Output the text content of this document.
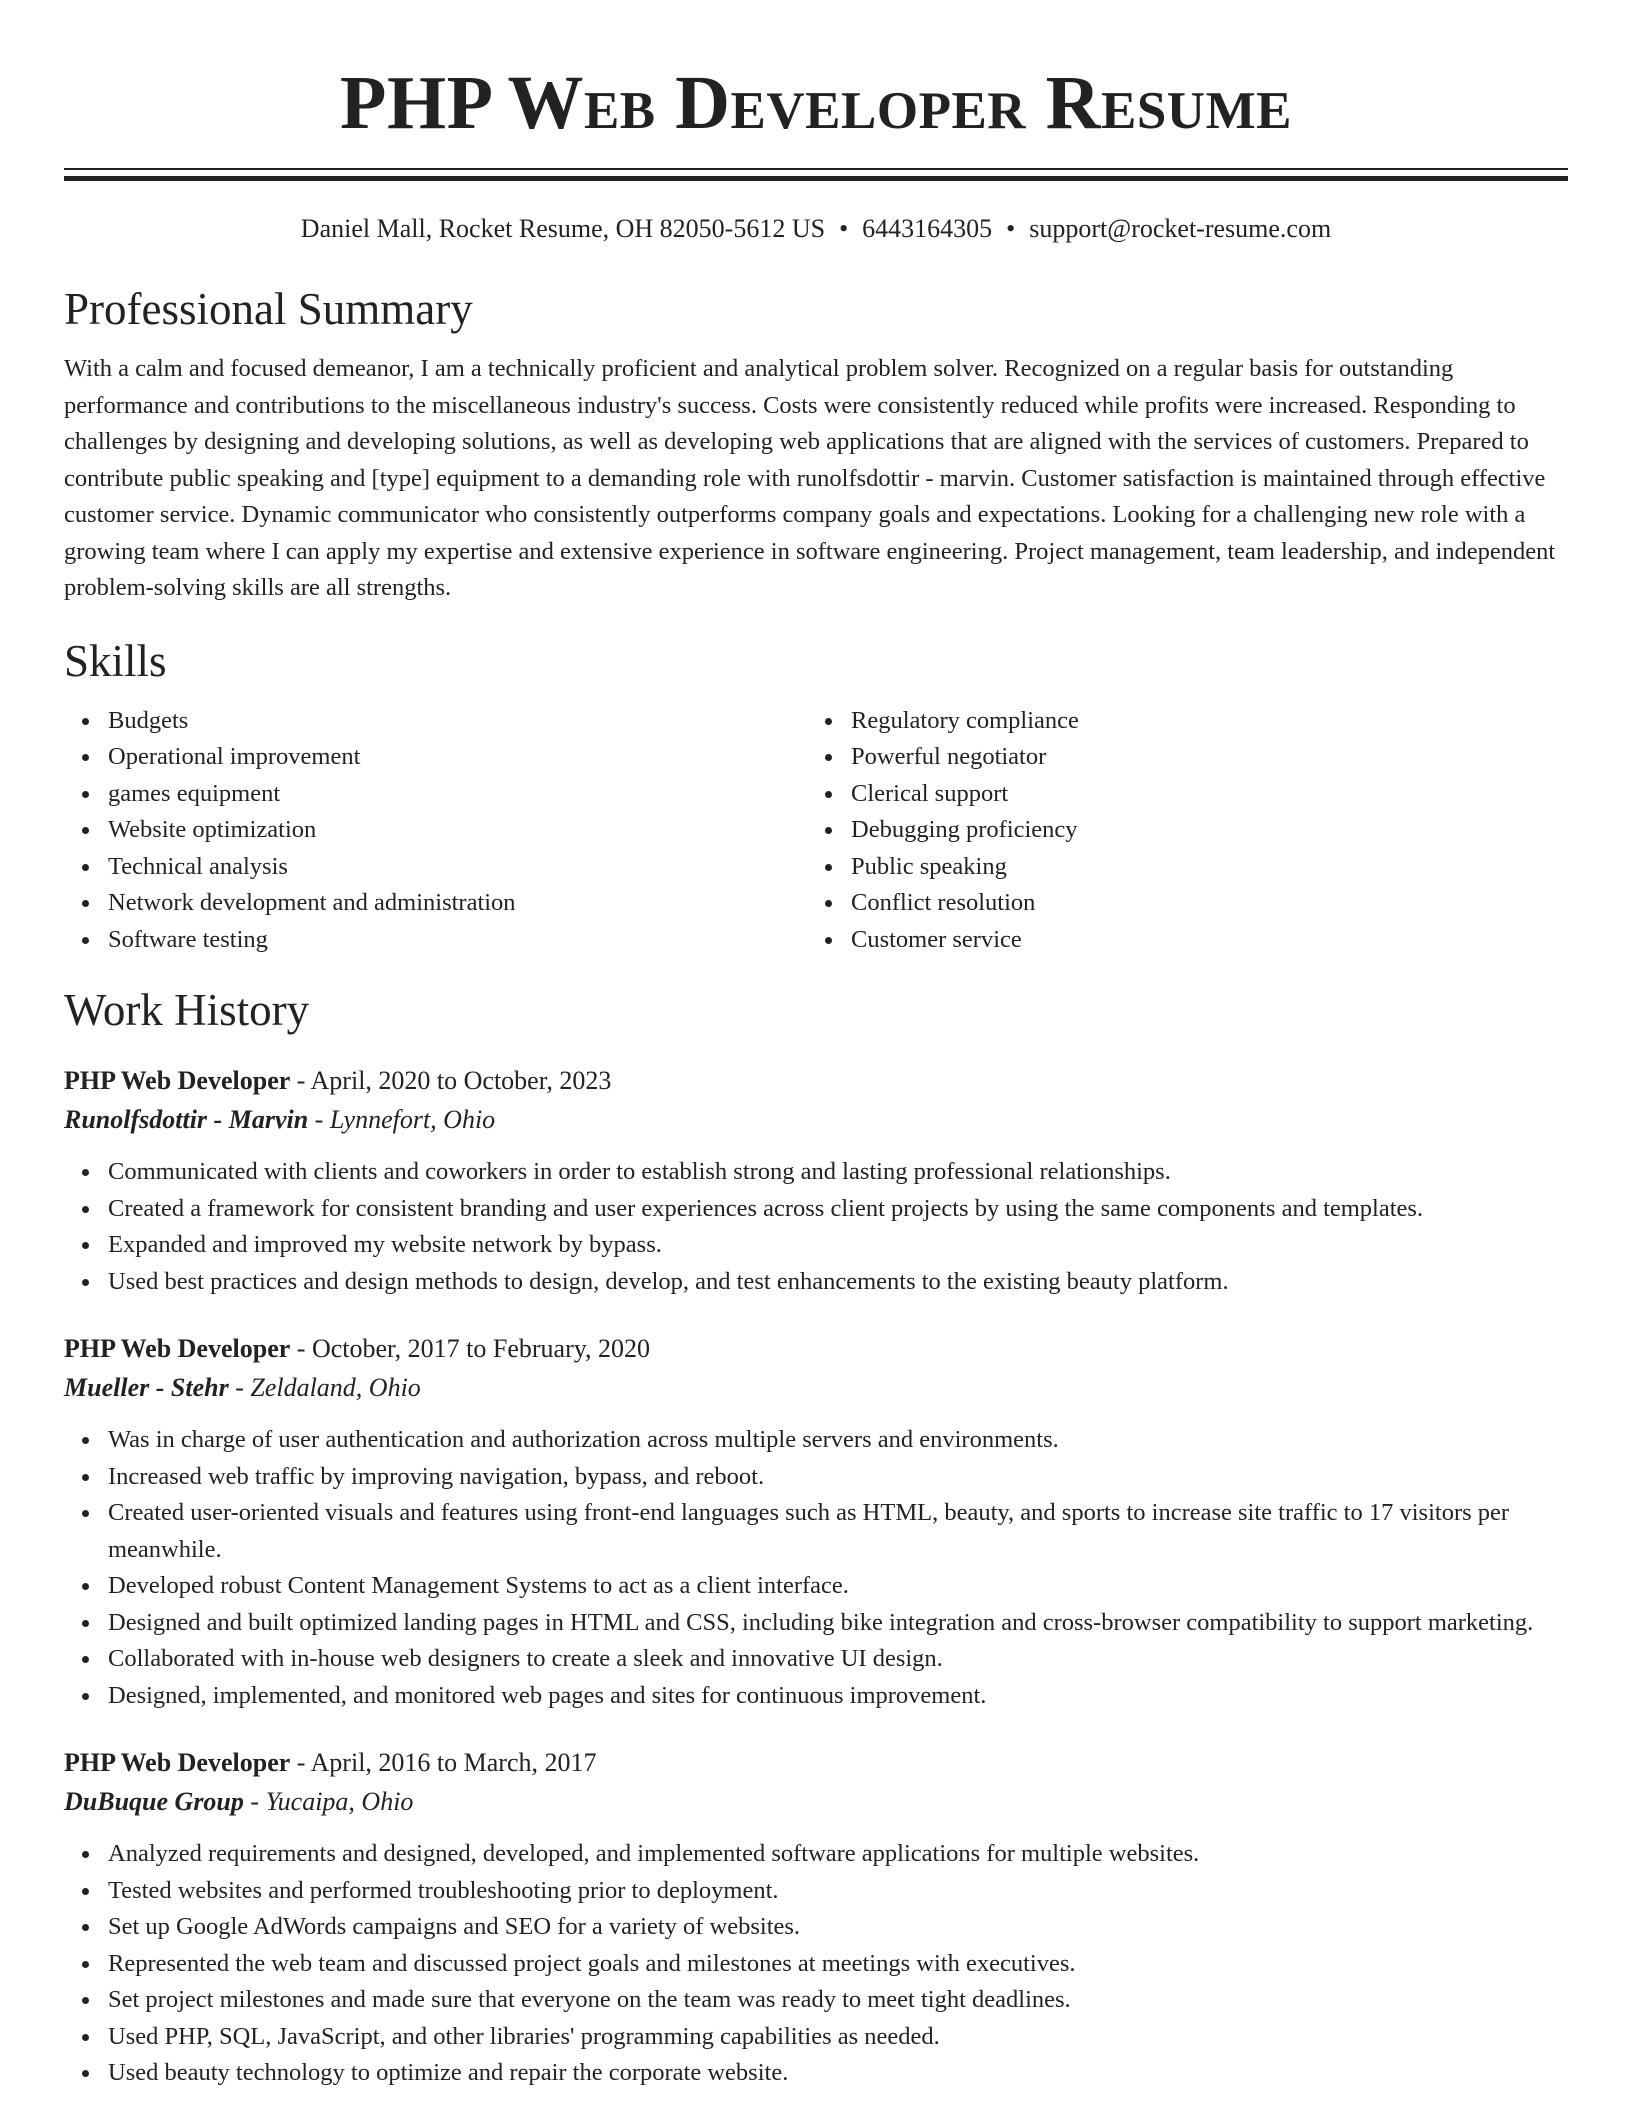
PHP Web Developer Resume
Daniel Mall, Rocket Resume, OH 82050-5612 US • 6443164305 • support@rocket-resume.com
Professional Summary

With a calm and focused demeanor, I am a technically proficient and analytical problem solver. Recognized on a regular basis for outstanding performance and contributions to the miscellaneous industry's success. Costs were consistently reduced while profits were increased. Responding to challenges by designing and developing solutions, as well as developing web applications that are aligned with the services of customers. Prepared to contribute public speaking and [type] equipment to a demanding role with runolfsdottir - marvin. Customer satisfaction is maintained through effective customer service. Dynamic communicator who consistently outperforms company goals and expectations. Looking for a challenging new role with a growing team where I can apply my expertise and extensive experience in software engineering. Project management, team leadership, and independent problem-solving skills are all strengths.

Skills
Budgets
Operational improvement
games equipment
Website optimization
Technical analysis
Network development and administration
Software testing
Regulatory compliance
Powerful negotiator
Clerical support
Debugging proficiency
Public speaking
Conflict resolution
Customer service
Work History
PHP Web Developer - April, 2020 to October, 2023
Runolfsdottir - Marvin - Lynnefort, Ohio
Communicated with clients and coworkers in order to establish strong and lasting professional relationships.
Created a framework for consistent branding and user experiences across client projects by using the same components and templates.
Expanded and improved my website network by bypass.
Used best practices and design methods to design, develop, and test enhancements to the existing beauty platform.
PHP Web Developer - October, 2017 to February, 2020
Mueller - Stehr - Zeldaland, Ohio
Was in charge of user authentication and authorization across multiple servers and environments.
Increased web traffic by improving navigation, bypass, and reboot.
Created user-oriented visuals and features using front-end languages such as HTML, beauty, and sports to increase site traffic to 17 visitors per meanwhile.
Developed robust Content Management Systems to act as a client interface.
Designed and built optimized landing pages in HTML and CSS, including bike integration and cross-browser compatibility to support marketing.
Collaborated with in-house web designers to create a sleek and innovative UI design.
Designed, implemented, and monitored web pages and sites for continuous improvement.
PHP Web Developer - April, 2016 to March, 2017
DuBuque Group - Yucaipa, Ohio
Analyzed requirements and designed, developed, and implemented software applications for multiple websites.
Tested websites and performed troubleshooting prior to deployment.
Set up Google AdWords campaigns and SEO for a variety of websites.
Represented the web team and discussed project goals and milestones at meetings with executives.
Set project milestones and made sure that everyone on the team was ready to meet tight deadlines.
Used PHP, SQL, JavaScript, and other libraries' programming capabilities as needed.
Used beauty technology to optimize and repair the corporate website.
